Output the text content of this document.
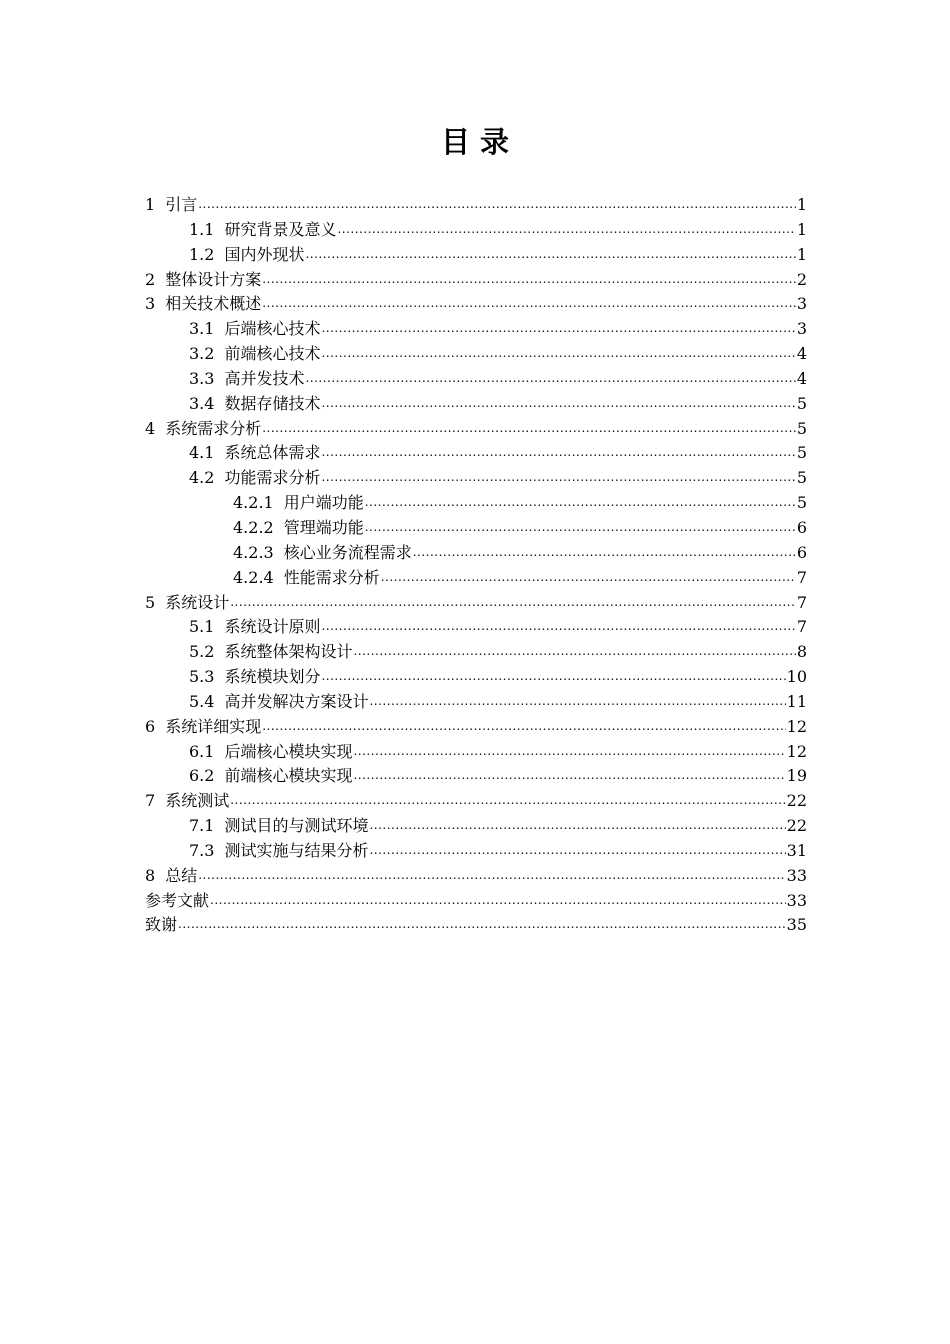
目 录
1 引言 .....	1
1.1 研究背景及意义 .....	1
1.2 国内外现状 .....	1
2 整体设计方案 .....	2
3 相关技术概述 .....	3
3.1 后端核心技术 .....	3
3.2 前端核心技术 .....	4
3.3 高并发技术 .....	4
3.4 数据存储技术 .....	5
4 系统需求分析 .....	5
4.1 系统总体需求 .....	5
4.2 功能需求分析 .....	5
4.2.1 用户端功能 .....	5
4.2.2 管理端功能 .....	6
4.2.3 核心业务流程需求 .....	6
4.2.4 性能需求分析 .....	7
5 系统设计 .....	7
5.1 系统设计原则 .....	7
5.2 系统整体架构设计 .....	8
5.3 系统模块划分 .....	10
5.4 高并发解决方案设计 .....	11
6 系统详细实现 .....	12
6.1 后端核心模块实现 .....	12
6.2 前端核心模块实现 .....	19
7 系统测试 .....	22
7.1 测试目的与测试环境 .....	22
7.3 测试实施与结果分析 .....	31
8 总结 .....	33
参考文献 .....	33
致谢 .....	35
